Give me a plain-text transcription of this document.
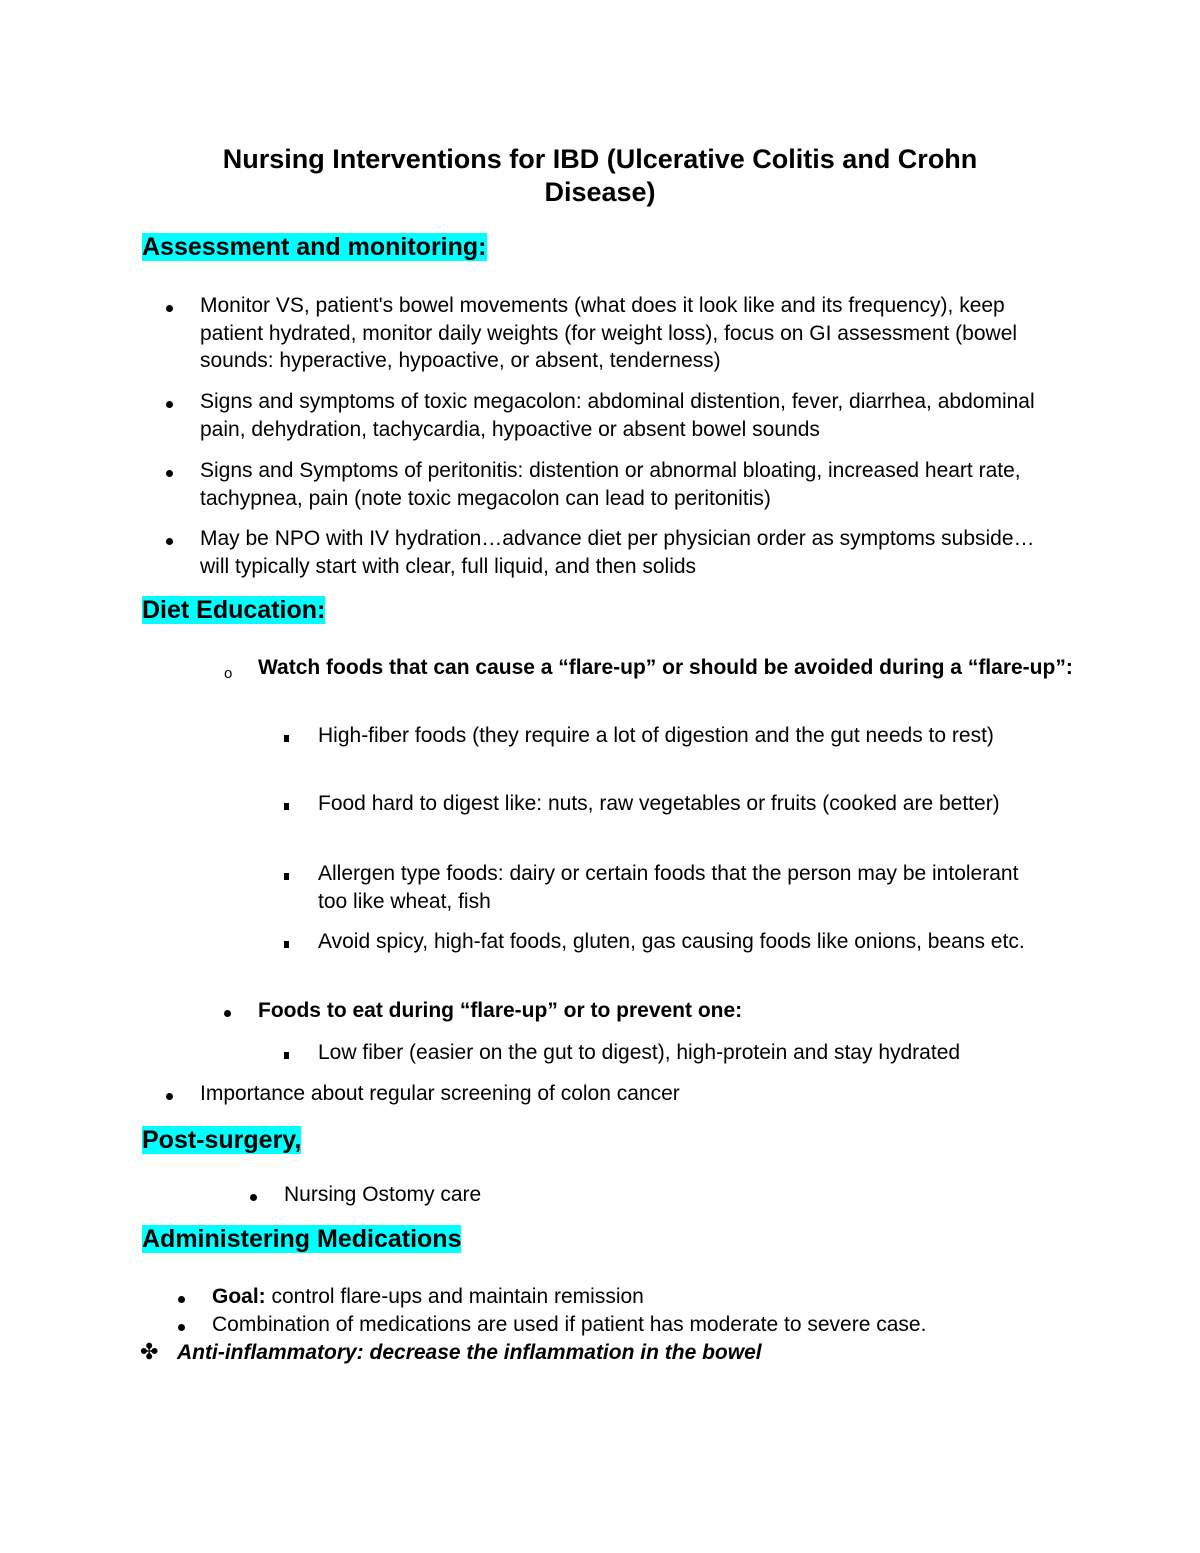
Nursing Interventions for IBD (Ulcerative Colitis and Crohn
Disease)
Assessment and monitoring:

Monitor VS, patient's bowel movements (what does it look like and its frequency), keep patient hydrated, monitor daily weights (for weight loss), focus on GI assessment (bowel sounds: hyperactive, hypoactive, or absent, tenderness)

Signs and symptoms of toxic megacolon: abdominal distention, fever, diarrhea, abdominal pain, dehydration, tachycardia, hypoactive or absent bowel sounds

Signs and Symptoms of peritonitis: distention or abnormal bloating, increased heart rate, tachypnea, pain (note toxic megacolon can lead to peritonitis)

May be NPO with IV hydration…advance diet per physician order as symptoms subside…will typically start with clear, full liquid, and then solids

Diet Education:
o Watch foods that can cause a “flare-up” or should be avoided during a “flare-up”:

High-fiber foods (they require a lot of digestion and the gut needs to rest)

Food hard to digest like: nuts, raw vegetables or fruits (cooked are better)

Allergen type foods: dairy or certain foods that the person may be intolerant too like wheat, fish

Avoid spicy, high-fat foods, gluten, gas causing foods like onions, beans etc.

Foods to eat during “flare-up” or to prevent one:

Low fiber (easier on the gut to digest), high-protein and stay hydrated

Importance about regular screening of colon cancer

Post-surgery,

Nursing Ostomy care

Administering Medications

Goal: control flare-ups and maintain remission

Combination of medications are used if patient has moderate to severe case.

✤ Anti-inflammatory: decrease the inflammation in the bowel
